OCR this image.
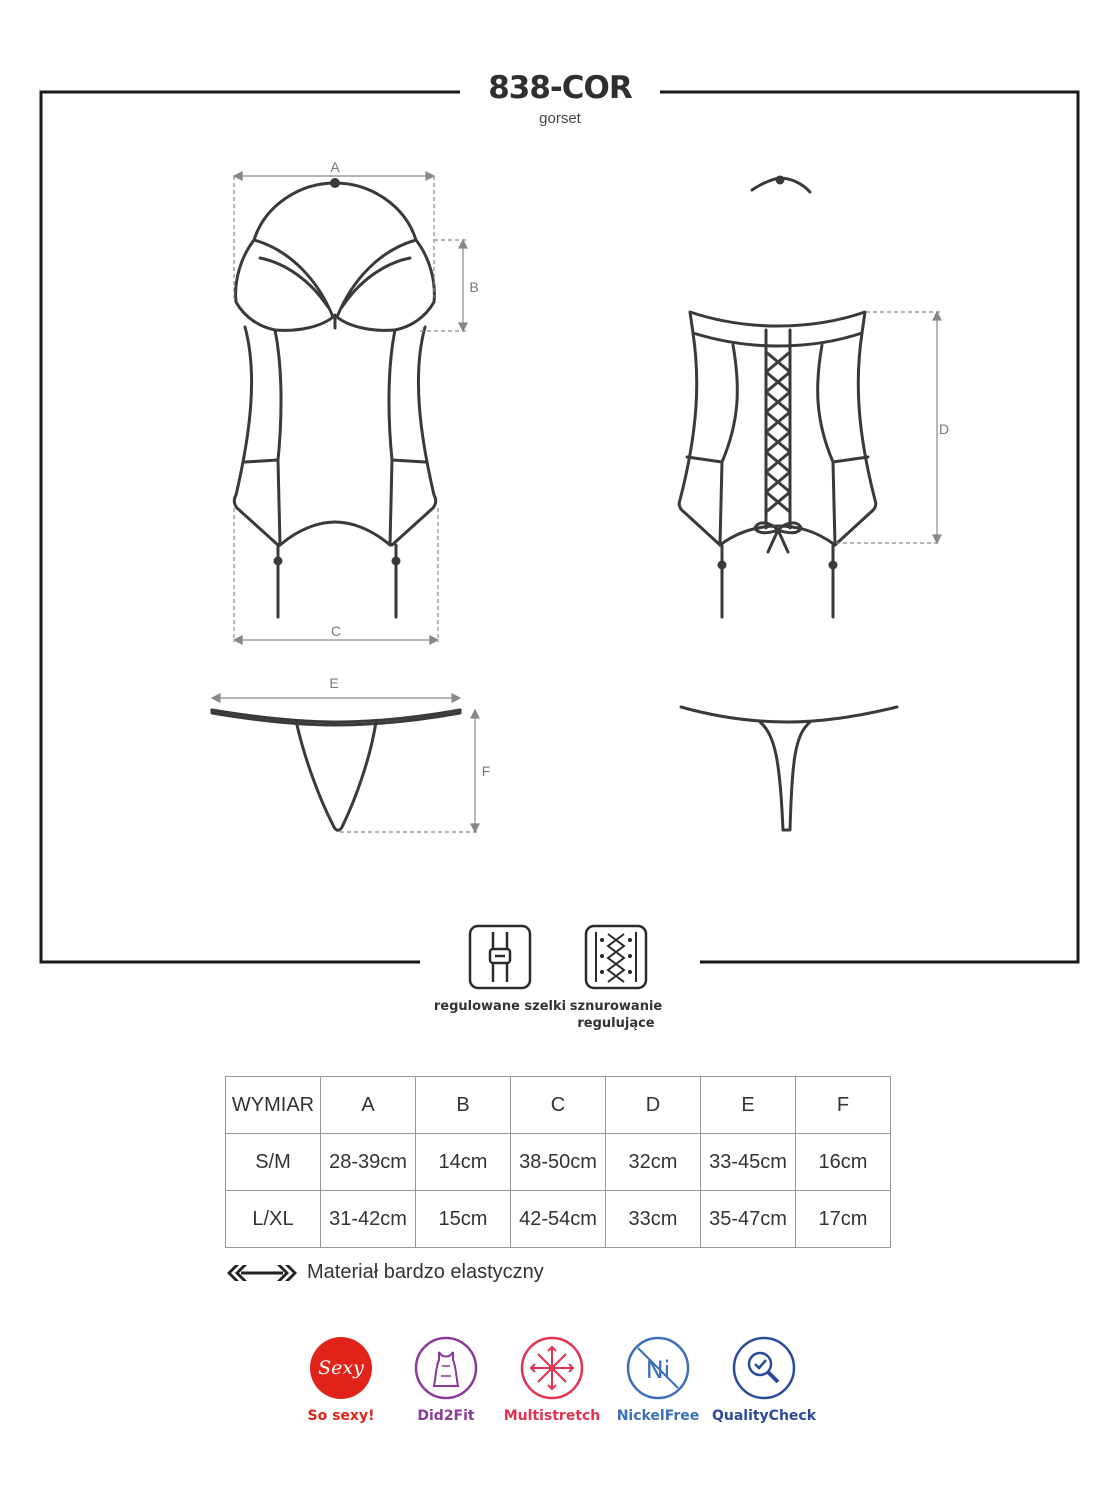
A
B
C
D
E
F
838-COR
gorset
regulowane szelki sznurowanie regulujące
WYMIAR	A	B	C	D	E	F
S/M	28-39cm	14cm	38-50cm	32cm	33-45cm	16cm
L/XL	31-42cm	15cm	42-54cm	33cm	35-47cm	17cm
Materiał bardzo elastyczny
Sexy	Ni
So sexy!	Did2Fit	Multistretch	NickelFree QualityCheck
